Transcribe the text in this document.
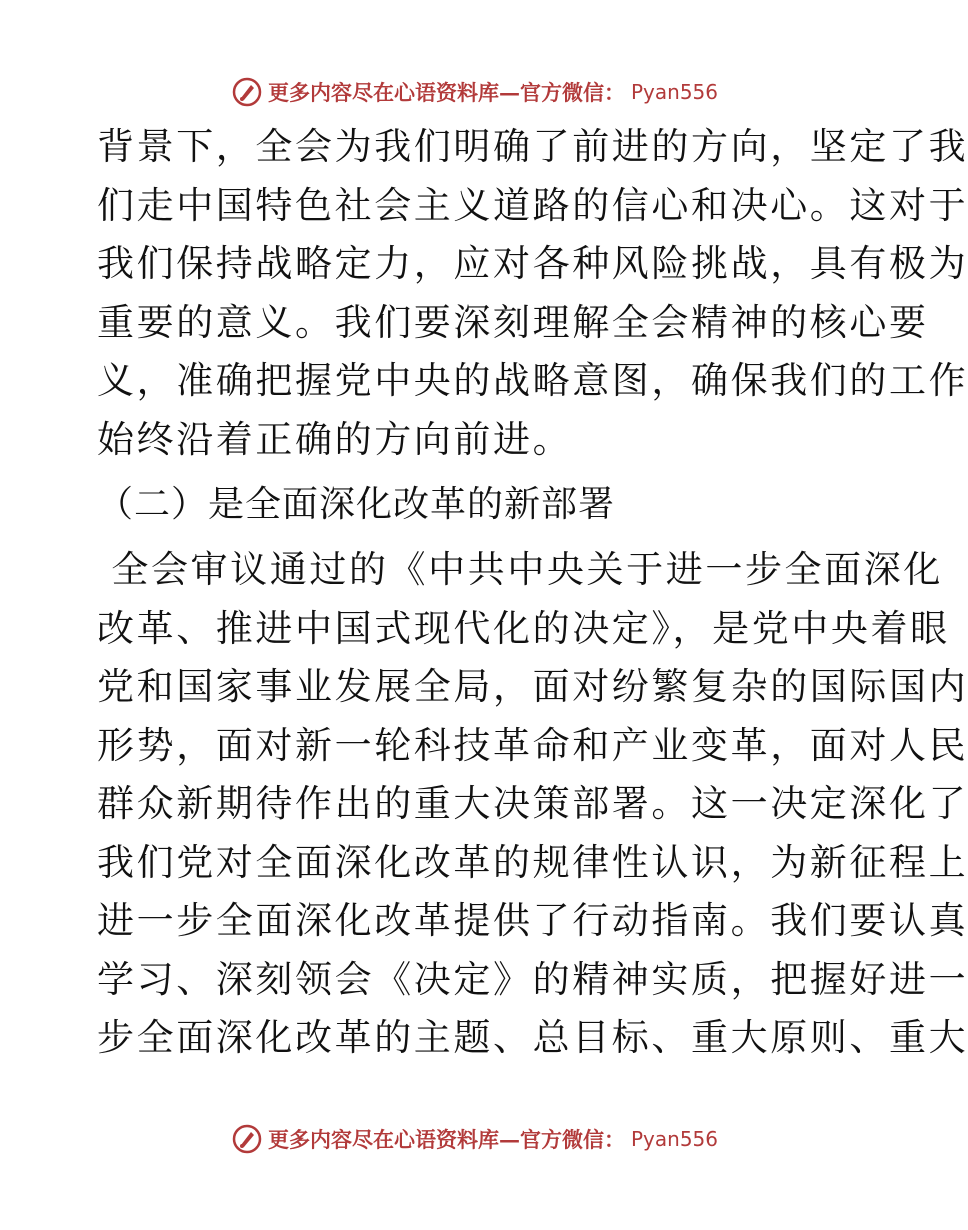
更多内容尽在心语资料库—官方微信： Pyan556
背景下，全会为我们明确了前进的方向，坚定了我
们走中国特色社会主义道路的信心和决心。这对于
我们保持战略定力，应对各种风险挑战，具有极为
重要的意义。我们要深刻理解全会精神的核心要
义，准确把握党中央的战略意图，确保我们的工作
始终沿着正确的方向前进。
（二）是全面深化改革的新部署
全会审议通过的《中共中央关于进一步全面深化
改革、推进中国式现代化的决定》，是党中央着眼
党和国家事业发展全局，面对纷繁复杂的国际国内
形势，面对新一轮科技革命和产业变革，面对人民
群众新期待作出的重大决策部署。这一决定深化了
我们党对全面深化改革的规律性认识，为新征程上
进一步全面深化改革提供了行动指南。我们要认真
学习、深刻领会《决定》的精神实质，把握好进一
步全面深化改革的主题、总目标、重大原则、重大
更多内容尽在心语资料库—官方微信： Pyan556
